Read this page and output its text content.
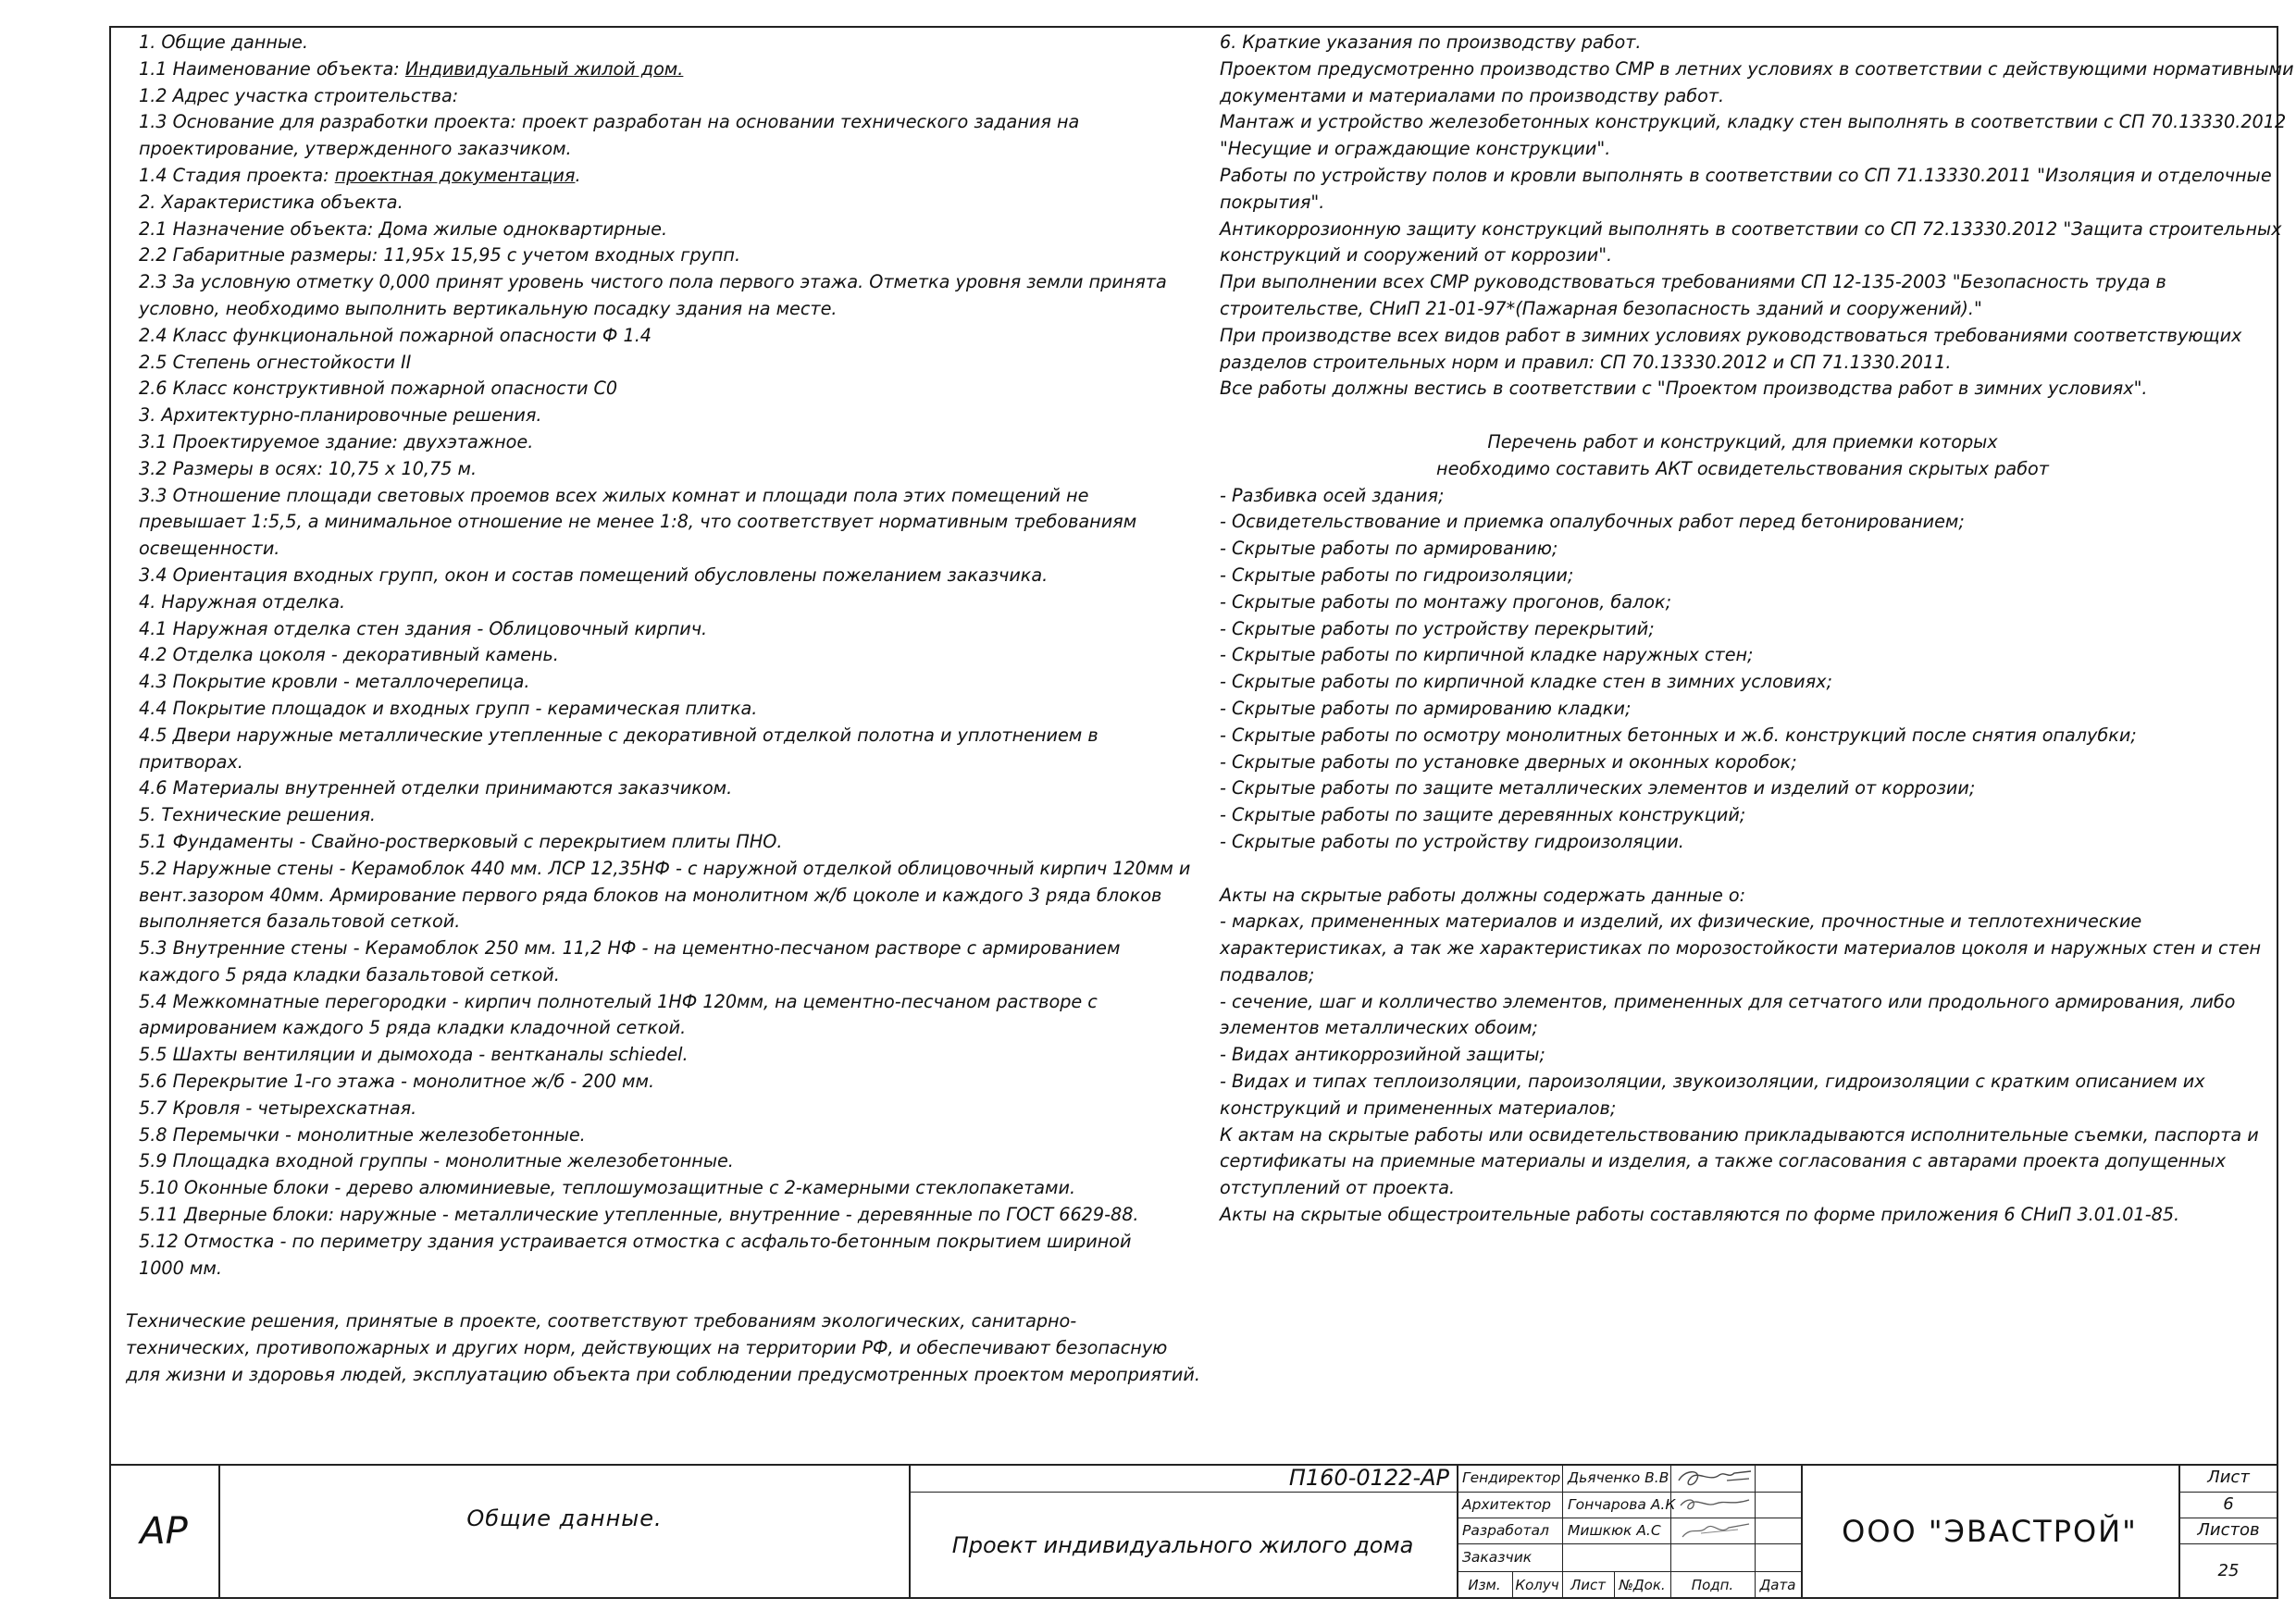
1. Общие данные.
1.1 Наименование объекта: Индивидуальный жилой дом.
1.2 Адрес участка строительства:
1.3 Основание для разработки проекта: проект разработан на основании технического задания на
проектирование, утвержденного заказчиком.
1.4 Стадия проекта: проектная документация.
2. Характеристика объекта.
2.1 Назначение объекта: Дома жилые одноквартирные.
2.2 Габаритные размеры: 11,95х 15,95 с учетом входных групп.
2.3 За условную отметку 0,000 принят уровень чистого пола первого этажа. Отметка уровня земли принята
условно, необходимо выполнить вертикальную посадку здания на месте.
2.4 Класс функциональной пожарной опасности Ф 1.4
2.5 Степень огнестойкости II
2.6 Класс конструктивной пожарной опасности С0
3. Архитектурно-планировочные решения.
3.1 Проектируемое здание: двухэтажное.
3.2 Размеры в осях: 10,75 х 10,75 м.
3.3 Отношение площади световых проемов всех жилых комнат и площади пола этих помещений не
превышает 1:5,5, а минимальное отношение не менее 1:8, что соответствует нормативным требованиям
освещенности.
3.4 Ориентация входных групп, окон и состав помещений обусловлены пожеланием заказчика.
4. Наружная отделка.
4.1 Наружная отделка стен здания - Облицовочный кирпич.
4.2 Отделка цоколя - декоративный камень.
4.3 Покрытие кровли - металлочерепица.
4.4 Покрытие площадок и входных групп - керамическая плитка.
4.5 Двери наружные металлические утепленные с декоративной отделкой полотна и уплотнением в
притворах.
4.6 Материалы внутренней отделки принимаются заказчиком.
5. Технические решения.
5.1 Фундаменты - Свайно-ростверковый с перекрытием плиты ПНО.
5.2 Наружные стены - Керамоблок 440 мм. ЛСР 12,35НФ - с наружной отделкой облицовочный кирпич 120мм и
вент.зазором 40мм. Армирование первого ряда блоков на монолитном ж/б цоколе и каждого 3 ряда блоков
выполняется базальтовой сеткой.
5.3 Внутренние стены - Керамоблок 250 мм. 11,2 НФ - на цементно-песчаном растворе с армированием
каждого 5 ряда кладки базальтовой сеткой.
5.4 Межкомнатные перегородки - кирпич полнотелый 1НФ 120мм, на цементно-песчаном растворе с
армированием каждого 5 ряда кладки кладочной сеткой.
5.5 Шахты вентиляции и дымохода - вентканалы schiedel.
5.6 Перекрытие 1-го этажа - монолитное ж/б - 200 мм.
5.7 Кровля - четырехскатная.
5.8 Перемычки - монолитные железобетонные.
5.9 Площадка входной группы - монолитные железобетонные.
5.10 Оконные блоки - дерево алюминиевые, теплошумозащитные с 2-камерными стеклопакетами.
5.11 Дверные блоки: наружные - металлические утепленные, внутренние - деревянные по ГОСТ 6629-88.
5.12 Отмостка - по периметру здания устраивается отмостка с асфальто-бетонным покрытием шириной
1000 мм.
Технические решения, принятые в проекте, соответствуют требованиям экологических, санитарно-
технических, противопожарных и других норм, действующих на территории РФ, и обеспечивают безопасную
для жизни и здоровья людей, эксплуатацию объекта при соблюдении предусмотренных проектом мероприятий.
6. Краткие указания по производству работ.
Проектом предусмотренно производство СМР в летних условиях в соответствии с действующими нормативными
документами и материалами по производству работ.
Мантаж и устройство железобетонных конструкций, кладку стен выполнять в соответствии с СП 70.13330.2012
"Несущие и ограждающие конструкции".
Работы по устройству полов и кровли выполнять в соответствии со СП 71.13330.2011 "Изоляция и отделочные
покрытия".
Антикоррозионную защиту конструкций выполнять в соответствии со СП 72.13330.2012 "Защита строительных
конструкций и сооружений от коррозии".
При выполнении всех СМР руководствоваться требованиями СП 12-135-2003 "Безопасность труда в
строительстве, СНиП 21-01-97*(Пажарная безопасность зданий и сооружений)."
При производстве всех видов работ в зимних условиях руководствоваться требованиями соответствующих
разделов строительных норм и правил: СП 70.13330.2012 и СП 71.1330.2011.
Все работы должны вестись в соответствии с "Проектом производства работ в зимних условиях".
Перечень работ и конструкций, для приемки которых
необходимо составить АКТ освидетельствования скрытых работ
- Разбивка осей здания;
- Освидетельствование и приемка опалубочных работ перед бетонированием;
- Скрытые работы по армированию;
- Скрытые работы по гидроизоляции;
- Скрытые работы по монтажу прогонов, балок;
- Скрытые работы по устройству перекрытий;
- Скрытые работы по кирпичной кладке наружных стен;
- Скрытые работы по кирпичной кладке стен в зимних условиях;
- Скрытые работы по армированию кладки;
- Скрытые работы по осмотру монолитных бетонных и ж.б. конструкций после снятия опалубки;
- Скрытые работы по установке дверных и оконных коробок;
- Скрытые работы по защите металлических элементов и изделий от коррозии;
- Скрытые работы по защите деревянных конструкций;
- Скрытые работы по устройству гидроизоляции.
Акты на скрытые работы должны содержать данные о:
- марках, примененных материалов и изделий, их физические, прочностные и теплотехнические
характеристиках, а так же характеристиках по морозостойкости материалов цоколя и наружных стен и стен
подвалов;
- сечение, шаг и колличество элементов, примененных для сетчатого или продольного армирования, либо
элементов металлических обоим;
- Видах антикоррозийной защиты;
- Видах и типах теплоизоляции, пароизоляции, звукоизоляции, гидроизоляции с кратким описанием их
конструкций и примененных материалов;
К актам на скрытые работы или освидетельствованию прикладываются исполнительные съемки, паспорта и
сертификаты на приемные материалы и изделия, а также согласования с автарами проекта допущенных
отступлений от проекта.
Акты на скрытые общестроительные работы составляются по форме приложения 6 СНиП 3.01.01-85.
АР	Общие данные.
П160-0122-АР
Проект индивидуального жилого дома
Гендиректор Дьяченко В.В
Архитектор	Гончарова А.К
Разработал	Мишкюк А.С
Заказчик
Изм.	Колуч Лист №Док.	Подп.	Дата
ООО "ЭВАСТРОЙ"
Лист
6
Листов
25
